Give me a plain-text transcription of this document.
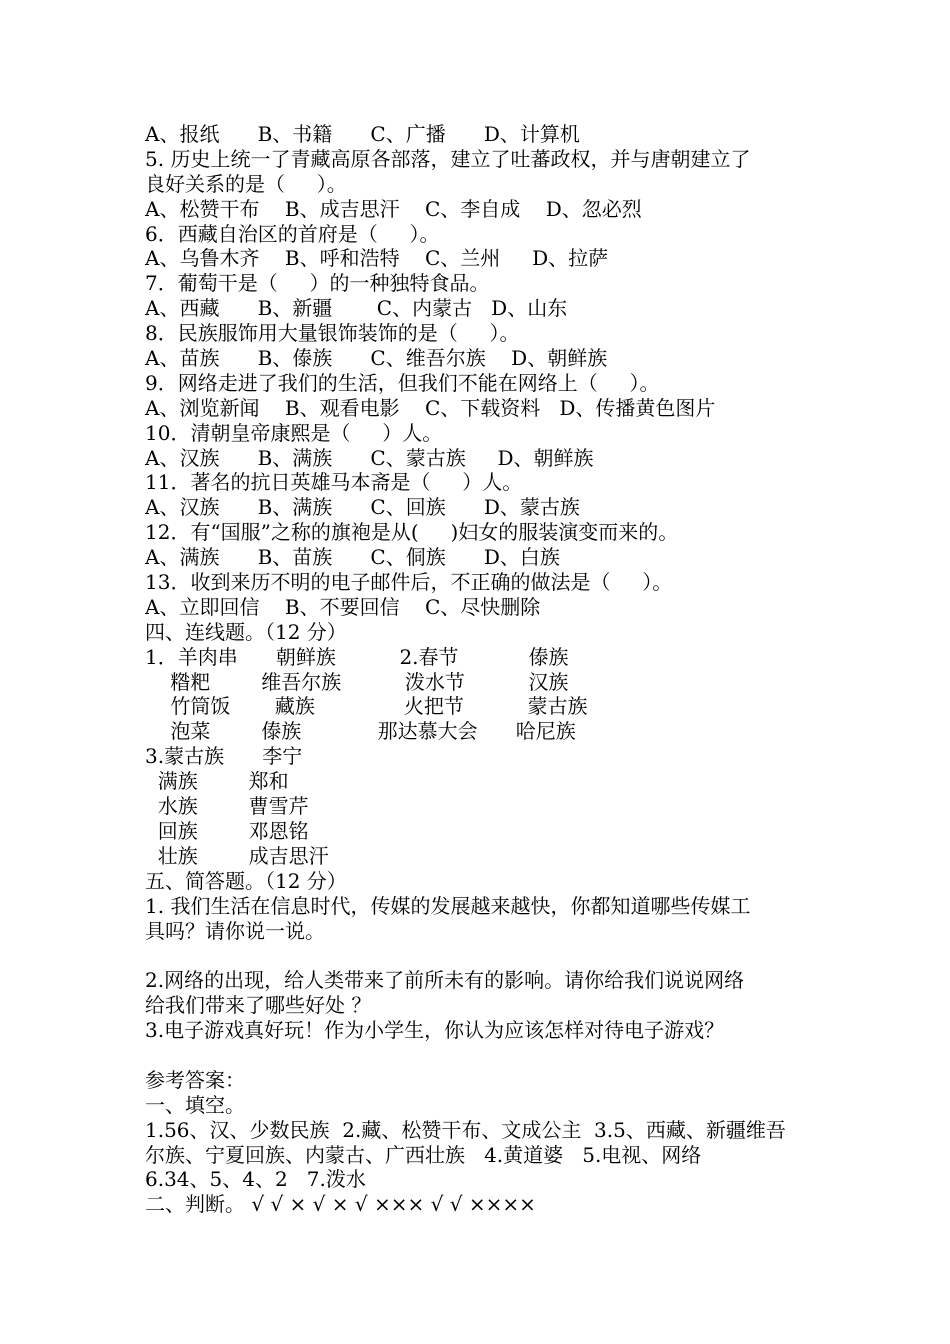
A、报纸      B、书籍      C、广播      D、计算机
5. 历史上统一了青藏高原各部落，建立了吐蕃政权，并与唐朝建立了
良好关系的是（     ）。
A、松赞干布    B、成吉思汗    C、李自成    D、忽必烈
6．西藏自治区的首府是（     ）。
A、乌鲁木齐    B、呼和浩特    C、兰州     D、拉萨
7．葡萄干是（     ）的一种独特食品。
A、西藏      B、新疆       C、内蒙古   D、山东
8．民族服饰用大量银饰装饰的是（     ）。
A、苗族      B、傣族      C、维吾尔族    D、朝鲜族
9．网络走进了我们的生活，但我们不能在网络上（     ）。
A、浏览新闻    B、观看电影    C、下载资料   D、传播黄色图片
10．清朝皇帝康熙是（     ）人。
A、汉族      B、满族      C、蒙古族     D、朝鲜族
11．著名的抗日英雄马本斋是（     ）人。
A、汉族      B、满族      C、回族      D、蒙古族
12．有“国服”之称的旗袍是从(     )妇女的服装演变而来的。
A、满族      B、苗族      C、侗族      D、白族
13．收到来历不明的电子邮件后，不正确的做法是（     ）。
A、立即回信    B、不要回信    C、尽快删除
四、连线题。（12 分）
1．羊肉串      朝鲜族          2.春节           傣族
糌粑        维吾尔族          泼水节          汉族
竹筒饭       藏族              火把节          蒙古族
泡菜        傣族            那达慕大会      哈尼族
3.蒙古族      李宁
满族        郑和
水族        曹雪芹
回族        邓恩铭
壮族        成吉思汗
五、简答题。（12 分）
1. 我们生活在信息时代，传媒的发展越来越快，你都知道哪些传媒工
具吗？请你说一说。
2.网络的出现，给人类带来了前所未有的影响。请你给我们说说网络
给我们带来了哪些好处 ？
3.电子游戏真好玩！作为小学生，你认为应该怎样对待电子游戏？
参考答案：
一、填空。
1.56、汉、少数民族  2.藏、松赞干布、文成公主  3.5、西藏、新疆维吾
尔族、宁夏回族、内蒙古、广西壮族   4.黄道婆   5.电视、网络
6.34、5、4、2   7.泼水
二、判断。 √ √ × √ × √ ××× √ √ ××××
